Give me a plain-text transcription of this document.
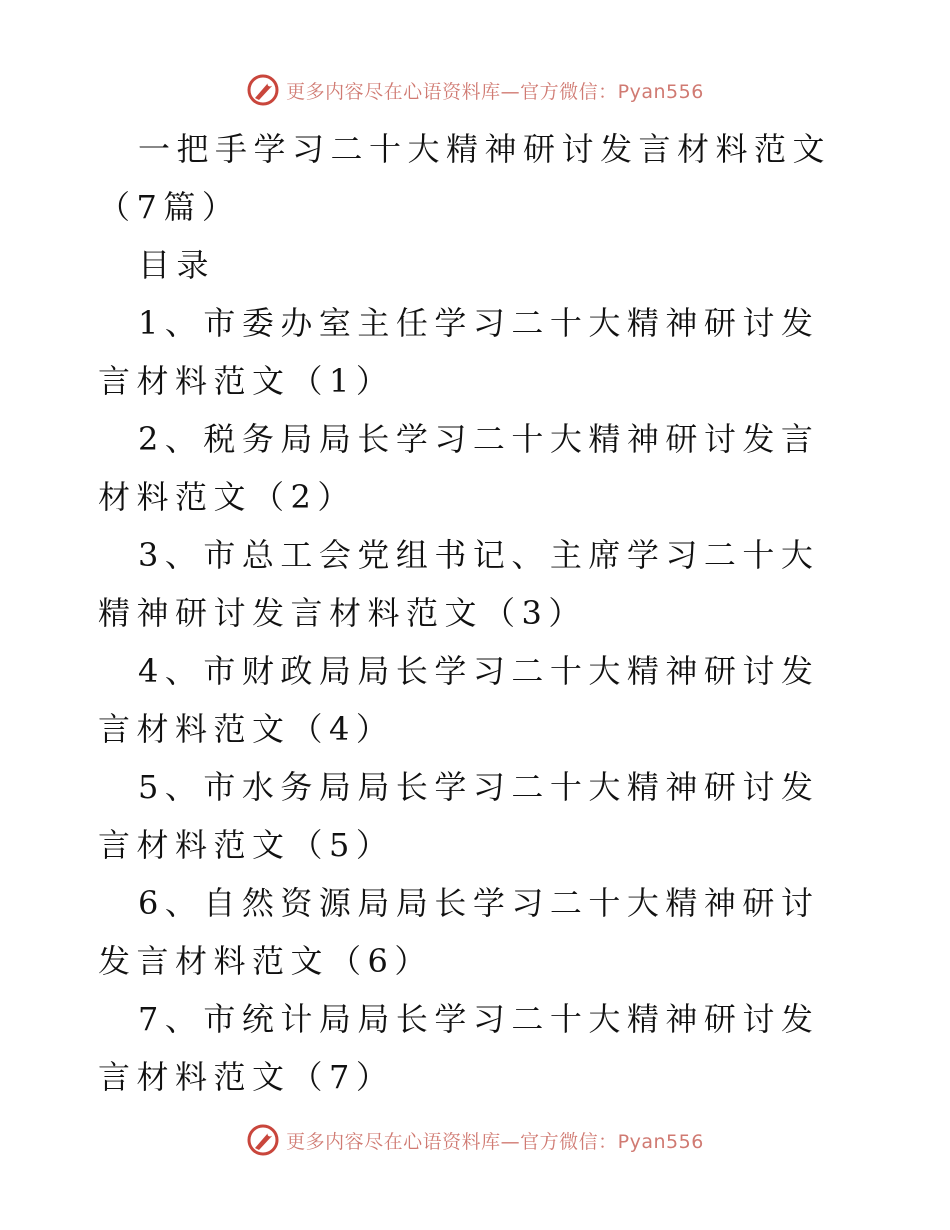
更多内容尽在心语资料库—官方微信：Pyan556

一把手学习二十大精神研讨发言材料范文（7篇）

目录

1、市委办室主任学习二十大精神研讨发言材料范文（1）

2、税务局局长学习二十大精神研讨发言材料范文（2）

3、市总工会党组书记、主席学习二十大精神研讨发言材料范文（3）

4、市财政局局长学习二十大精神研讨发言材料范文（4）

5、市水务局局长学习二十大精神研讨发言材料范文（5）

6、自然资源局局长学习二十大精神研讨发言材料范文（6）

7、市统计局局长学习二十大精神研讨发言材料范文（7）

更多内容尽在心语资料库—官方微信：Pyan556
